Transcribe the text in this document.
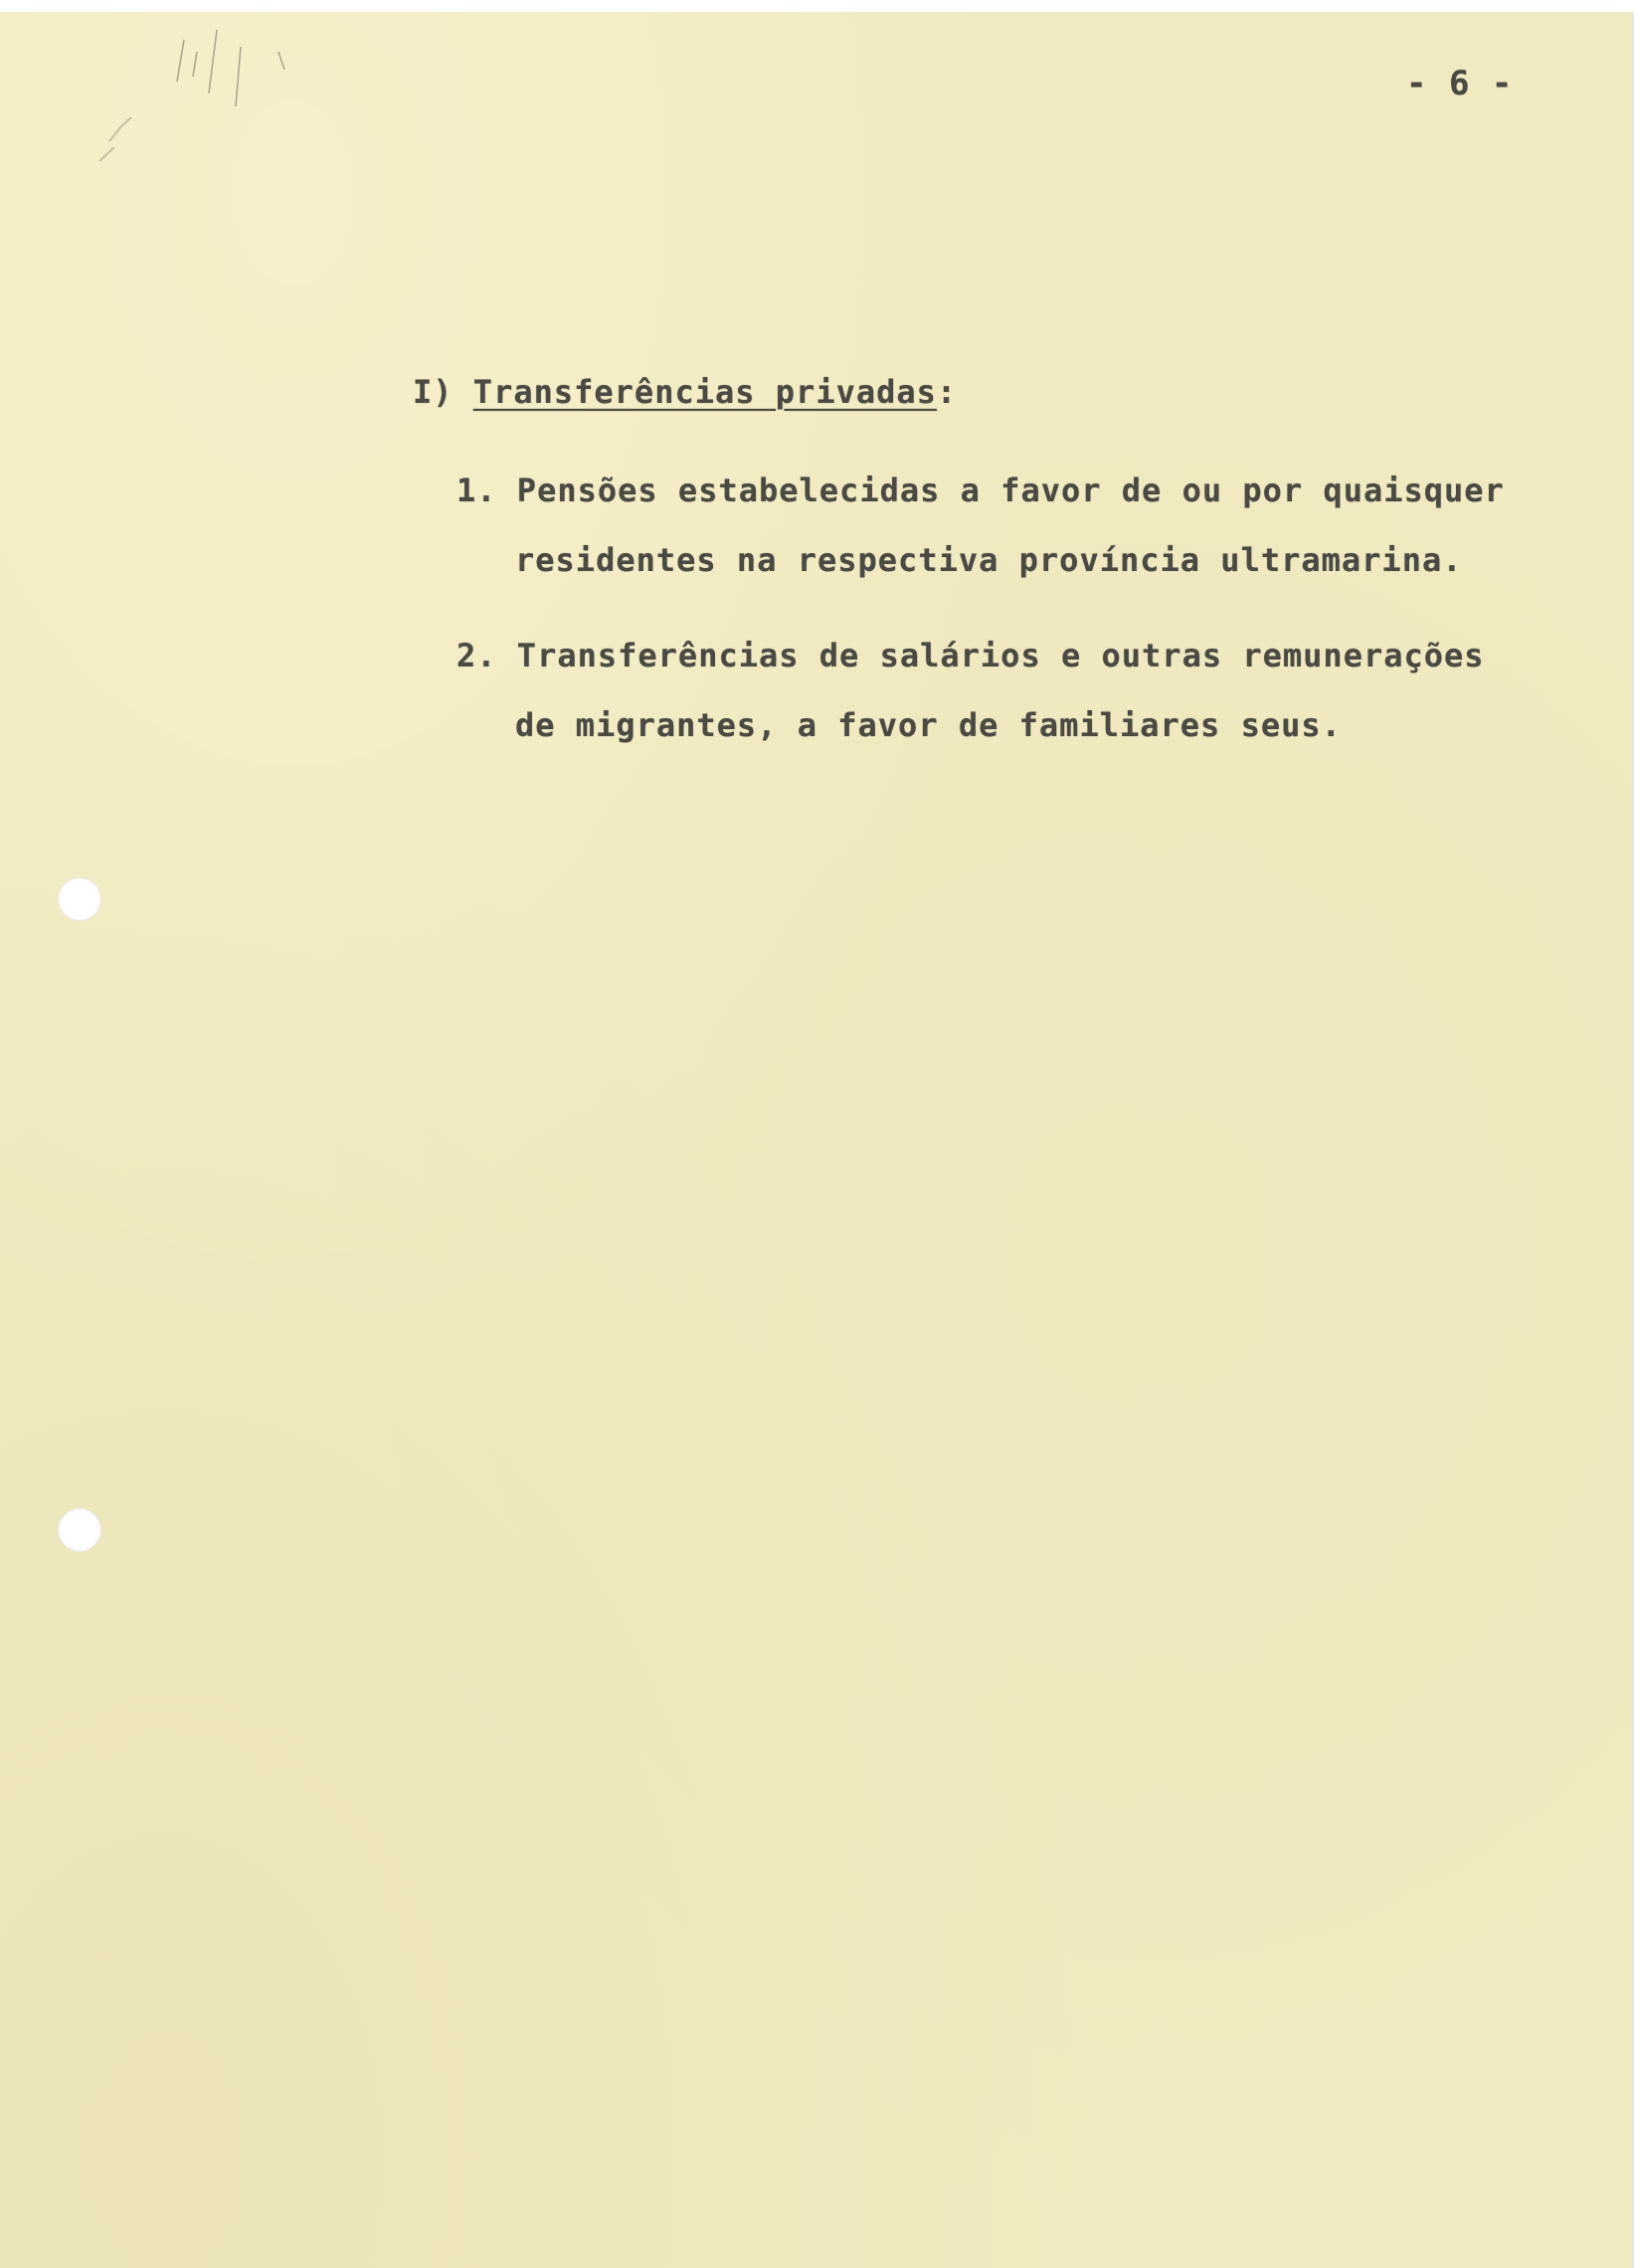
- 6 -
I) Transferências privadas:
1. Pensões estabelecidas a favor de ou por quaisquer
residentes na respectiva província ultramarina.
2. Transferências de salários e outras remunerações
de migrantes, a favor de familiares seus.
